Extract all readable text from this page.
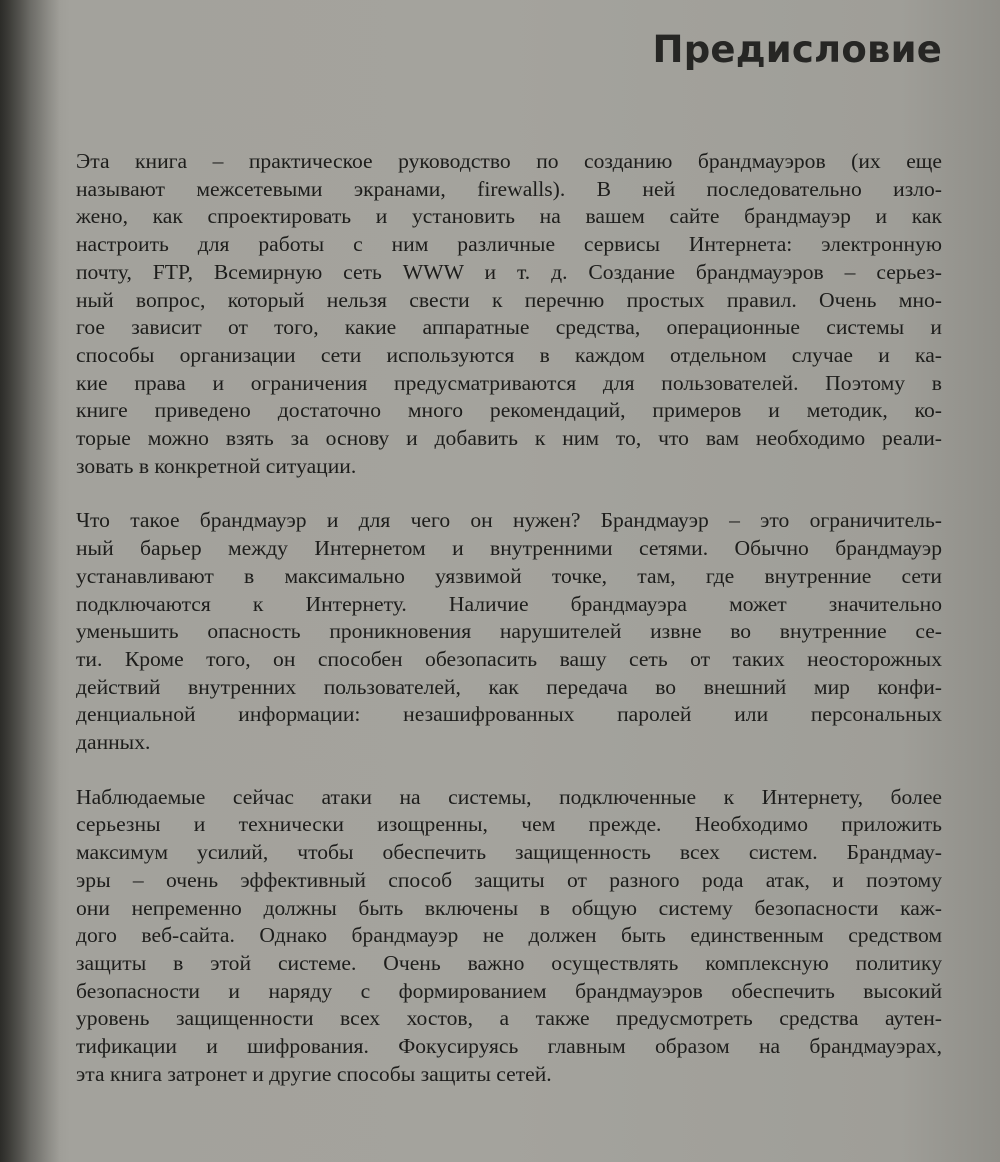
Предисловие

Эта книга – практическое руководство по созданию брандмауэров (их еще
называют межсетевыми экранами, firewalls). В ней последовательно изло-
жено, как спроектировать и установить на вашем сайте брандмауэр и как
настроить для работы с ним различные сервисы Интернета: электронную
почту, FTP, Всемирную сеть WWW и т. д. Создание брандмауэров – серьез-
ный вопрос, который нельзя свести к перечню простых правил. Очень мно-
гое зависит от того, какие аппаратные средства, операционные системы и
способы организации сети используются в каждом отдельном случае и ка-
кие права и ограничения предусматриваются для пользователей. Поэтому в
книге приведено достаточно много рекомендаций, примеров и методик, ко-
торые можно взять за основу и добавить к ним то, что вам необходимо реали-
зовать в конкретной ситуации.

Что такое брандмауэр и для чего он нужен? Брандмауэр – это ограничитель-
ный барьер между Интернетом и внутренними сетями. Обычно брандмауэр
устанавливают в максимально уязвимой точке, там, где внутренние сети
подключаются к Интернету. Наличие брандмауэра может значительно
уменьшить опасность проникновения нарушителей извне во внутренние се-
ти. Кроме того, он способен обезопасить вашу сеть от таких неосторожных
действий внутренних пользователей, как передача во внешний мир конфи-
денциальной информации: незашифрованных паролей или персональных
данных.

Наблюдаемые сейчас атаки на системы, подключенные к Интернету, более
серьезны и технически изощренны, чем прежде. Необходимо приложить
максимум усилий, чтобы обеспечить защищенность всех систем. Брандмау-
эры – очень эффективный способ защиты от разного рода атак, и поэтому
они непременно должны быть включены в общую систему безопасности каж-
дого веб-сайта. Однако брандмауэр не должен быть единственным средством
защиты в этой системе. Очень важно осуществлять комплексную политику
безопасности и наряду с формированием брандмауэров обеспечить высокий
уровень защищенности всех хостов, а также предусмотреть средства аутен-
тификации и шифрования. Фокусируясь главным образом на брандмауэрах,
эта книга затронет и другие способы защиты сетей.
